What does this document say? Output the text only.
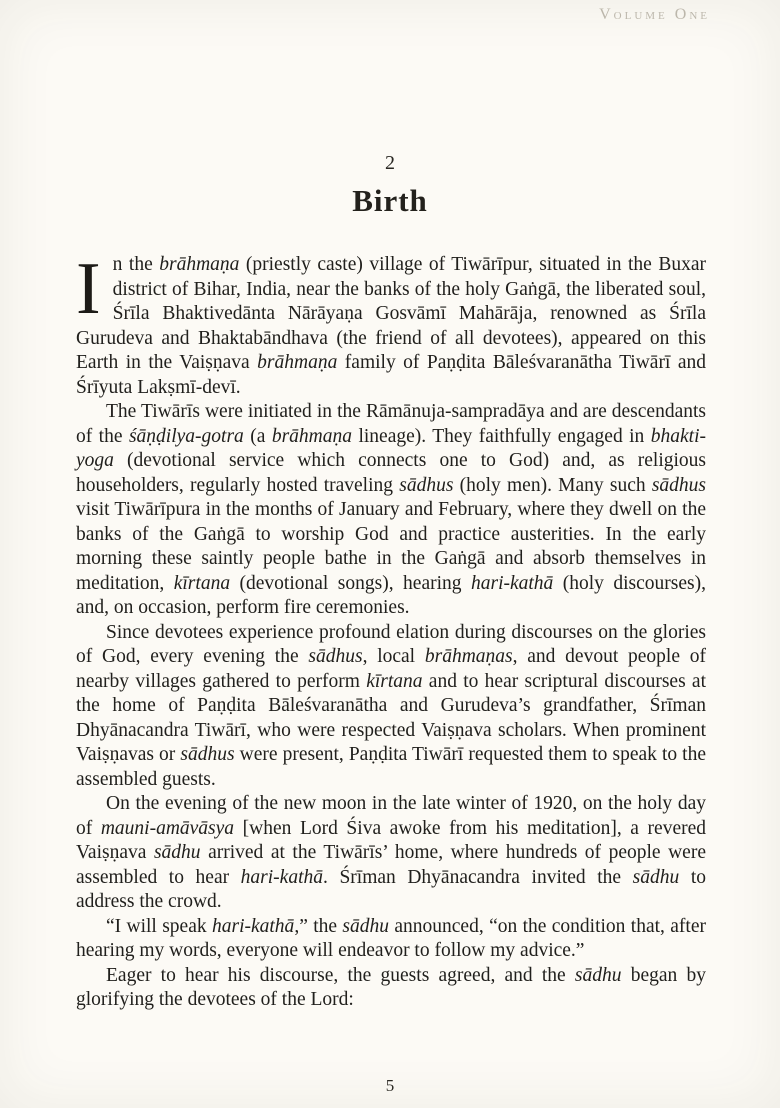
Volume One
2
Birth

In the brāhmaṇa (priestly caste) village of Tiwārīpur, situated in the Buxar district of Bihar, India, near the banks of the holy Gaṅgā, the liberated soul, Śrīla Bhaktivedānta Nārāyaṇa Gosvāmī Mahārāja, renowned as Śrīla Gurudeva and Bhaktabāndhava (the friend of all devotees), appeared on this Earth in the Vaiṣṇava brāhmaṇa family of Paṇḍita Bāleśvaranātha Tiwārī and Śrīyuta Lakṣmī-devī.

The Tiwārīs were initiated in the Rāmānuja-sampradāya and are descendants of the śāṇḍilya-gotra (a brāhmaṇa lineage). They faithfully engaged in bhakti-yoga (devotional service which connects one to God) and, as religious householders, regularly hosted traveling sādhus (holy men). Many such sādhus visit Tiwārīpura in the months of January and February, where they dwell on the banks of the Gaṅgā to worship God and practice austerities. In the early morning these saintly people bathe in the Gaṅgā and absorb themselves in meditation, kīrtana (devotional songs), hearing hari-kathā (holy discourses), and, on occasion, perform fire ceremonies.

Since devotees experience profound elation during discourses on the glories of God, every evening the sādhus, local brāhmaṇas, and devout people of nearby villages gathered to perform kīrtana and to hear scriptural discourses at the home of Paṇḍita Bāleśvaranātha and Gurudeva’s grandfather, Śrīman Dhyānacandra Tiwārī, who were respected Vaiṣṇava scholars. When prominent Vaiṣṇavas or sādhus were present, Paṇḍita Tiwārī requested them to speak to the assembled guests.

On the evening of the new moon in the late winter of 1920, on the holy day of mauni-amāvāsya [when Lord Śiva awoke from his meditation], a revered Vaiṣṇava sādhu arrived at the Tiwārīs’ home, where hundreds of people were assembled to hear hari-kathā. Śrīman Dhyānacandra invited the sādhu to address the crowd.

“I will speak hari-kathā,” the sādhu announced, “on the condition that, after hearing my words, everyone will endeavor to follow my advice.”

Eager to hear his discourse, the guests agreed, and the sādhu began by glorifying the devotees of the Lord:

5
